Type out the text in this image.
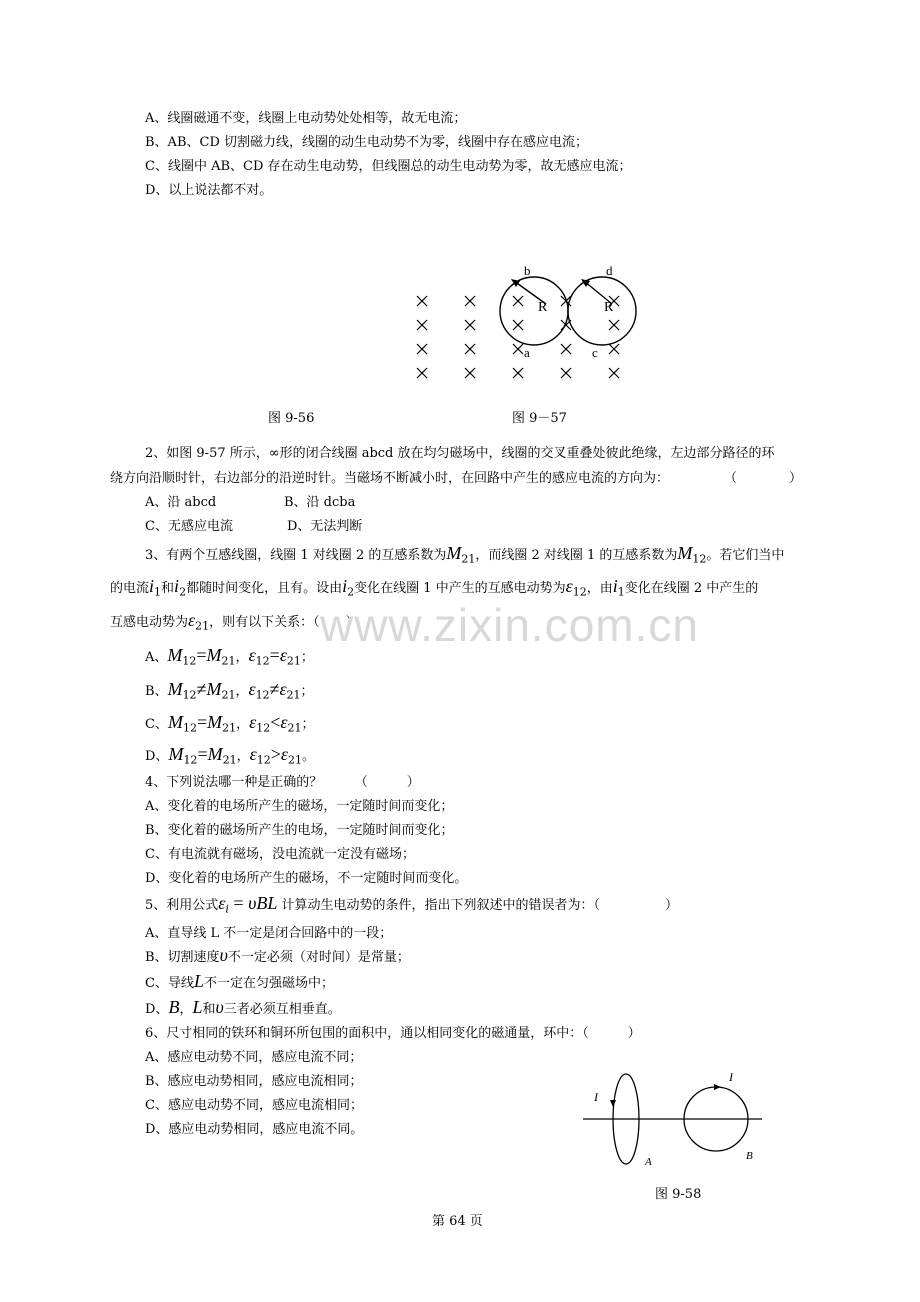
A、线圈磁通不变，线圈上电动势处处相等，故无电流；
B、AB、CD 切割磁力线，线圈的动生电动势不为零，线圈中存在感应电流；
C、线圈中 AB、CD 存在动生电动势，但线圈总的动生电动势为零，故无感应电流；
D、以上说法都不对。
b	d
a	c
R	R
图 9-56	图 9－57
2、如图 9-57 所示，∞形的闭合线圈 abcd 放在均匀磁场中，线圈的交叉重叠处彼此绝缘，左边部分路径的环
绕方向沿顺时针，右边部分的沿逆时针。当磁场不断减小时，在回路中产生的感应电流的方向为：	（　　　　）
A、沿 abcd	B、沿 dcba
C、无感应电流	D、无法判断
3、有两个互感线圈，线圈 1 对线圈 2 的互感系数为$M_{21}$，而线圈 2 对线圈 1 的互感系数为$M_{12}$。若它们当中
的电流$i_1$和$i_2$都随时间变化，且有。设由$i_2$变化在线圈 1 中产生的互感电动势为$\varepsilon_{12}$，由$i_1$变化在线圈 2 中产生的
互感电动势为$\varepsilon_{21}$，则有以下关系：（　　）
A、$M_{12}=M_{21}$，$\varepsilon_{12}=\varepsilon_{21}$；
B、$M_{12}\ne M_{21}$，$\varepsilon_{12}\ne\varepsilon_{21}$；
C、$M_{12}=M_{21}$，$\varepsilon_{12}<\varepsilon_{21}$；
D、$M_{12}=M_{21}$，$\varepsilon_{12}>\varepsilon_{21}$。
www.zixin.com.cn
4、下列说法哪一种是正确的？　　　（　　　）
A、变化着的电场所产生的磁场，一定随时间而变化；
B、变化着的磁场所产生的电场，一定随时间而变化；
C、有电流就有磁场，没电流就一定没有磁场；
D、变化着的电场所产生的磁场，不一定随时间而变化。
5、利用公式$\varepsilon_i = \upsilon BL$ 计算动生电动势的条件，指出下列叙述中的错误者为：（　　　　　）
A、直导线 L 不一定是闭合回路中的一段；
B、切割速度υ不一定必须（对时间）是常量；
C、导线L不一定在匀强磁场中；
D、B，L和υ三者必须互相垂直。
6、尺寸相同的铁环和铜环所包围的面积中，通以相同变化的磁通量，环中：（　　　）
A、感应电动势不同，感应电流不同；
B、感应电动势相同，感应电流相同；
C、感应电动势不同，感应电流相同；
D、感应电动势相同，感应电流不同。
I
I
A	B
图 9-58
第 64 页
